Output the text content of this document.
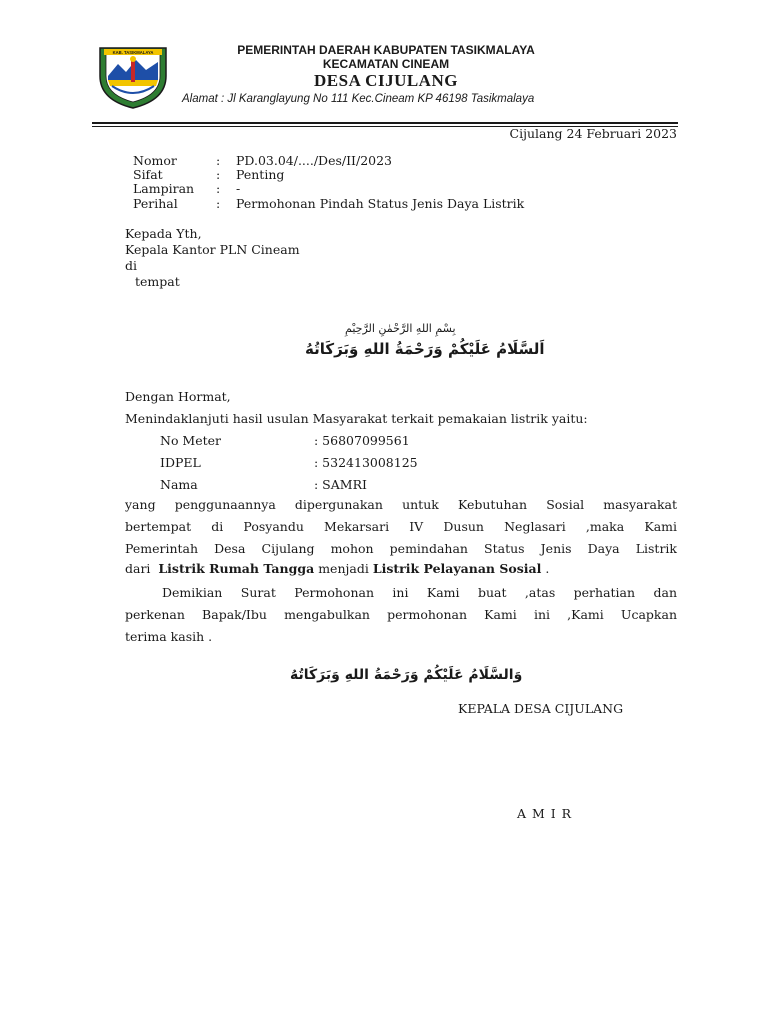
KAB. TASIKMALAYA	PEMERINTAH DAERAH KABUPATEN TASIKMALAYA
KECAMATAN CINEAM
DESA CIJULANG
Alamat : Jl Karanglayung No 111 Kec.Cineam KP 46198 Tasikmalaya
Cijulang 24 Februari 2023
Nomor	: PD.03.04/..../Des/II/2023
Sifat	: Penting
Lampiran : -
Perihal	: Permohonan Pindah Status Jenis Daya Listrik
Kepada Yth,
Kepala Kantor PLN Cineam
di
tempat
بِسْمِ اللهِ الرَّحْمٰنِ الرَّحِيْمِ
اَلسَّلَامُ عَلَيْكُمْ وَرَحْمَةُ اللهِ وَبَرَكَاتُهُ
Dengan Hormat,
Menindaklanjuti hasil usulan Masyarakat terkait pemakaian listrik yaitu:
No Meter	: 56807099561
IDPEL	: 532413008125
Nama	: SAMRI
yang penggunaannya dipergunakan untuk Kebutuhan Sosial masyarakat
bertempat di Posyandu Mekarsari IV Dusun Neglasari ,maka Kami
Pemerintah Desa Cijulang mohon pemindahan Status Jenis Daya Listrik
dari Listrik Rumah Tangga menjadi Listrik Pelayanan Sosial .
Demikian Surat Permohonan ini Kami buat ,atas perhatian dan
perkenan Bapak/Ibu mengabulkan permohonan Kami ini ,Kami Ucapkan
terima kasih .
وَالسَّلَامُ عَلَيْكُمْ وَرَحْمَةُ اللهِ وَبَرَكَاتُهُ
KEPALA DESA CIJULANG
A M I R
